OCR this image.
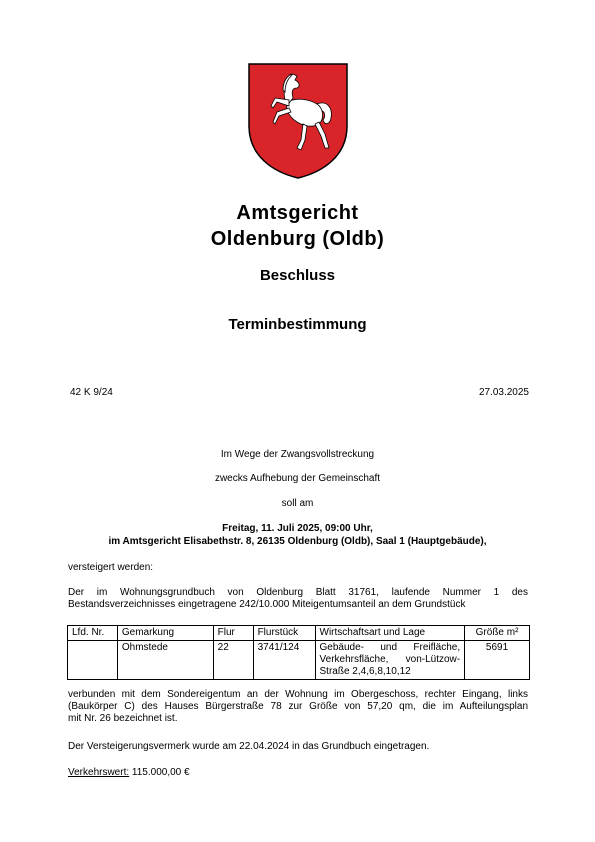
Amtsgericht
Oldenburg (Oldb)
Beschluss
Terminbestimmung
42 K 9/24	27.03.2025
Im Wege der Zwangsvollstreckung
zwecks Aufhebung der Gemeinschaft
soll am
Freitag, 11. Juli 2025, 09:00 Uhr,
im Amtsgericht Elisabethstr. 8, 26135 Oldenburg (Oldb), Saal 1 (Hauptgebäude),
versteigert werden:
Der im Wohnungsgrundbuch von Oldenburg Blatt 31761, laufende Nummer 1 des
Bestandsverzeichnisses eingetragene 242/10.000 Miteigentumsanteil an dem Grundstück
Lfd. Nr.	Gemarkung	Flur	Flurstück	Wirtschaftsart und Lage	Größe m²
	Ohmstede	22	3741/124	Gebäude- und Freifläche,
Verkehrsfläche, von-Lützow-
Straße 2,4,6,8,10,12	5691
verbunden mit dem Sondereigentum an der Wohnung im Obergeschoss, rechter Eingang, links
(Baukörper C) des Hauses Bürgerstraße 78 zur Größe von 57,20 qm, die im Aufteilungsplan
mit Nr. 26 bezeichnet ist.
Der Versteigerungsvermerk wurde am 22.04.2024 in das Grundbuch eingetragen.
Verkehrswert: 115.000,00 €
